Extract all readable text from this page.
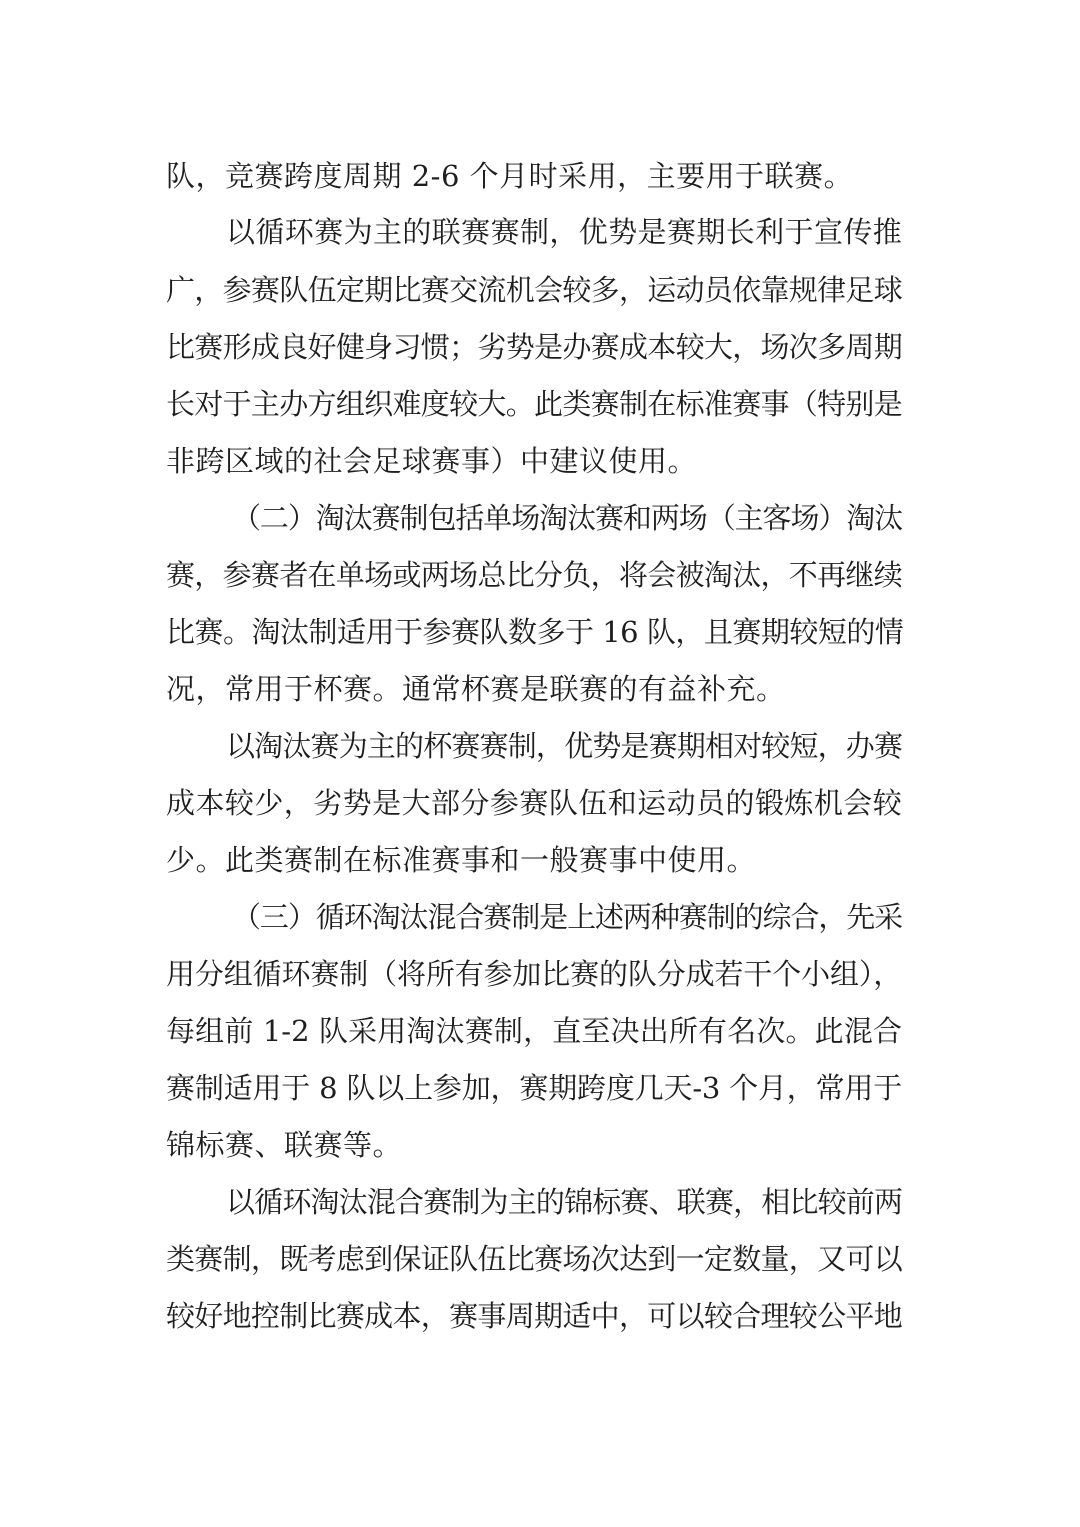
队，竞赛跨度周期 2-6 个月时采用，主要用于联赛。
以循环赛为主的联赛赛制，优势是赛期长利于宣传推
广，参赛队伍定期比赛交流机会较多，运动员依靠规律足球
比赛形成良好健身习惯；劣势是办赛成本较大，场次多周期
长对于主办方组织难度较大。此类赛制在标准赛事（特别是
非跨区域的社会足球赛事）中建议使用。
（二）淘汰赛制包括单场淘汰赛和两场（主客场）淘汰
赛，参赛者在单场或两场总比分负，将会被淘汰，不再继续
比赛。淘汰制适用于参赛队数多于 16 队，且赛期较短的情
况，常用于杯赛。通常杯赛是联赛的有益补充。
以淘汰赛为主的杯赛赛制，优势是赛期相对较短，办赛
成本较少，劣势是大部分参赛队伍和运动员的锻炼机会较
少。此类赛制在标准赛事和一般赛事中使用。
（三）循环淘汰混合赛制是上述两种赛制的综合，先采
用分组循环赛制（将所有参加比赛的队分成若干个小组），
每组前 1-2 队采用淘汰赛制，直至决出所有名次。此混合
赛制适用于 8 队以上参加，赛期跨度几天-3 个月，常用于
锦标赛、联赛等。
以循环淘汰混合赛制为主的锦标赛、联赛，相比较前两
类赛制，既考虑到保证队伍比赛场次达到一定数量，又可以
较好地控制比赛成本，赛事周期适中，可以较合理较公平地
